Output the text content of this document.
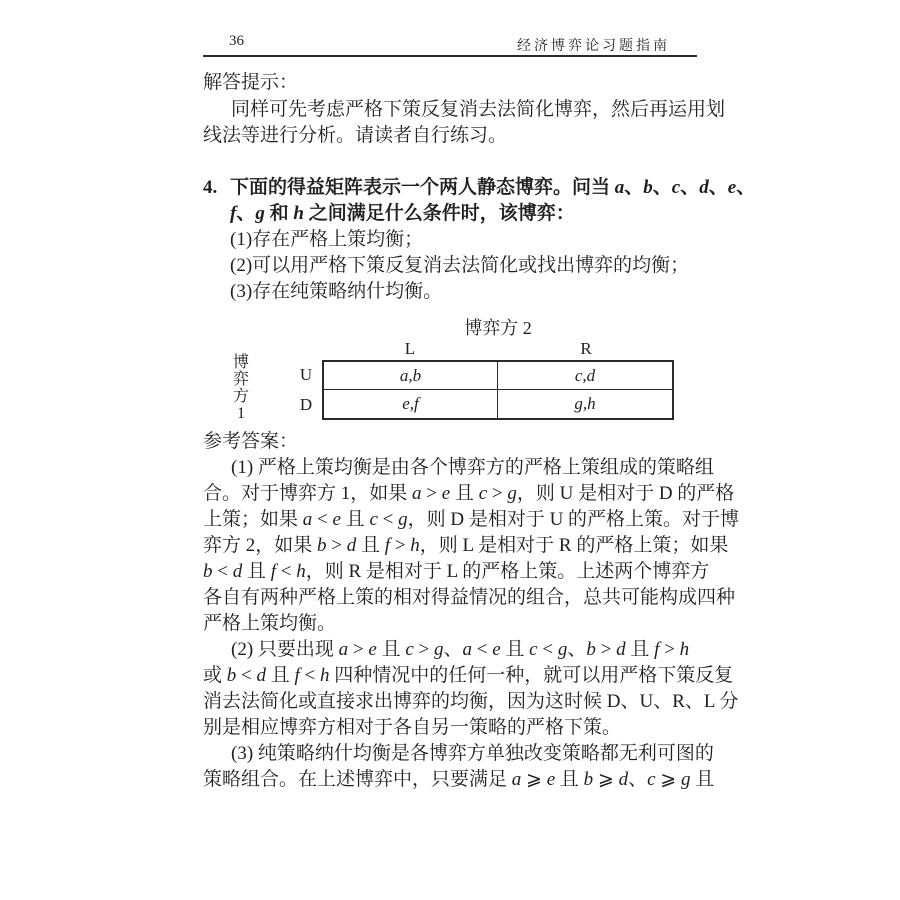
36	经济博弈论习题指南
解答提示：
同样可先考虑严格下策反复消去法简化博弈，然后再运用划
线法等进行分析。请读者自行练习。
4. 下面的得益矩阵表示一个两人静态博弈。问当 a、b、c、d、e、
f、g 和 h 之间满足什么条件时，该博弈：
(1)存在严格上策均衡；
(2)可以用严格下策反复消去法简化或找出博弈的均衡；
(3)存在纯策略纳什均衡。
博弈方 2
L	R
博
弈
方
1
U
D
a , b	c , d
e , f	g , h
参考答案：
(1) 严格上策均衡是由各个博弈方的严格上策组成的策略组
合。对于博弈方 1，如果 a > e 且 c > g，则 U 是相对于 D 的严格
上策；如果 a < e 且 c < g，则 D 是相对于 U 的严格上策。对于博
弈方 2，如果 b > d 且 f > h，则 L 是相对于 R 的严格上策；如果
b < d 且 f < h，则 R 是相对于 L 的严格上策。上述两个博弈方
各自有两种严格上策的相对得益情况的组合，总共可能构成四种
严格上策均衡。
(2) 只要出现 a > e 且 c > g、a < e 且 c < g、b > d 且 f > h
或 b < d 且 f < h 四种情况中的任何一种，就可以用严格下策反复
消去法简化或直接求出博弈的均衡，因为这时候 D、U、R、L 分
别是相应博弈方相对于各自另一策略的严格下策。
(3) 纯策略纳什均衡是各博弈方单独改变策略都无利可图的
策略组合。在上述博弈中，只要满足 a ⩾ e 且 b ⩾ d、c ⩾ g 且
